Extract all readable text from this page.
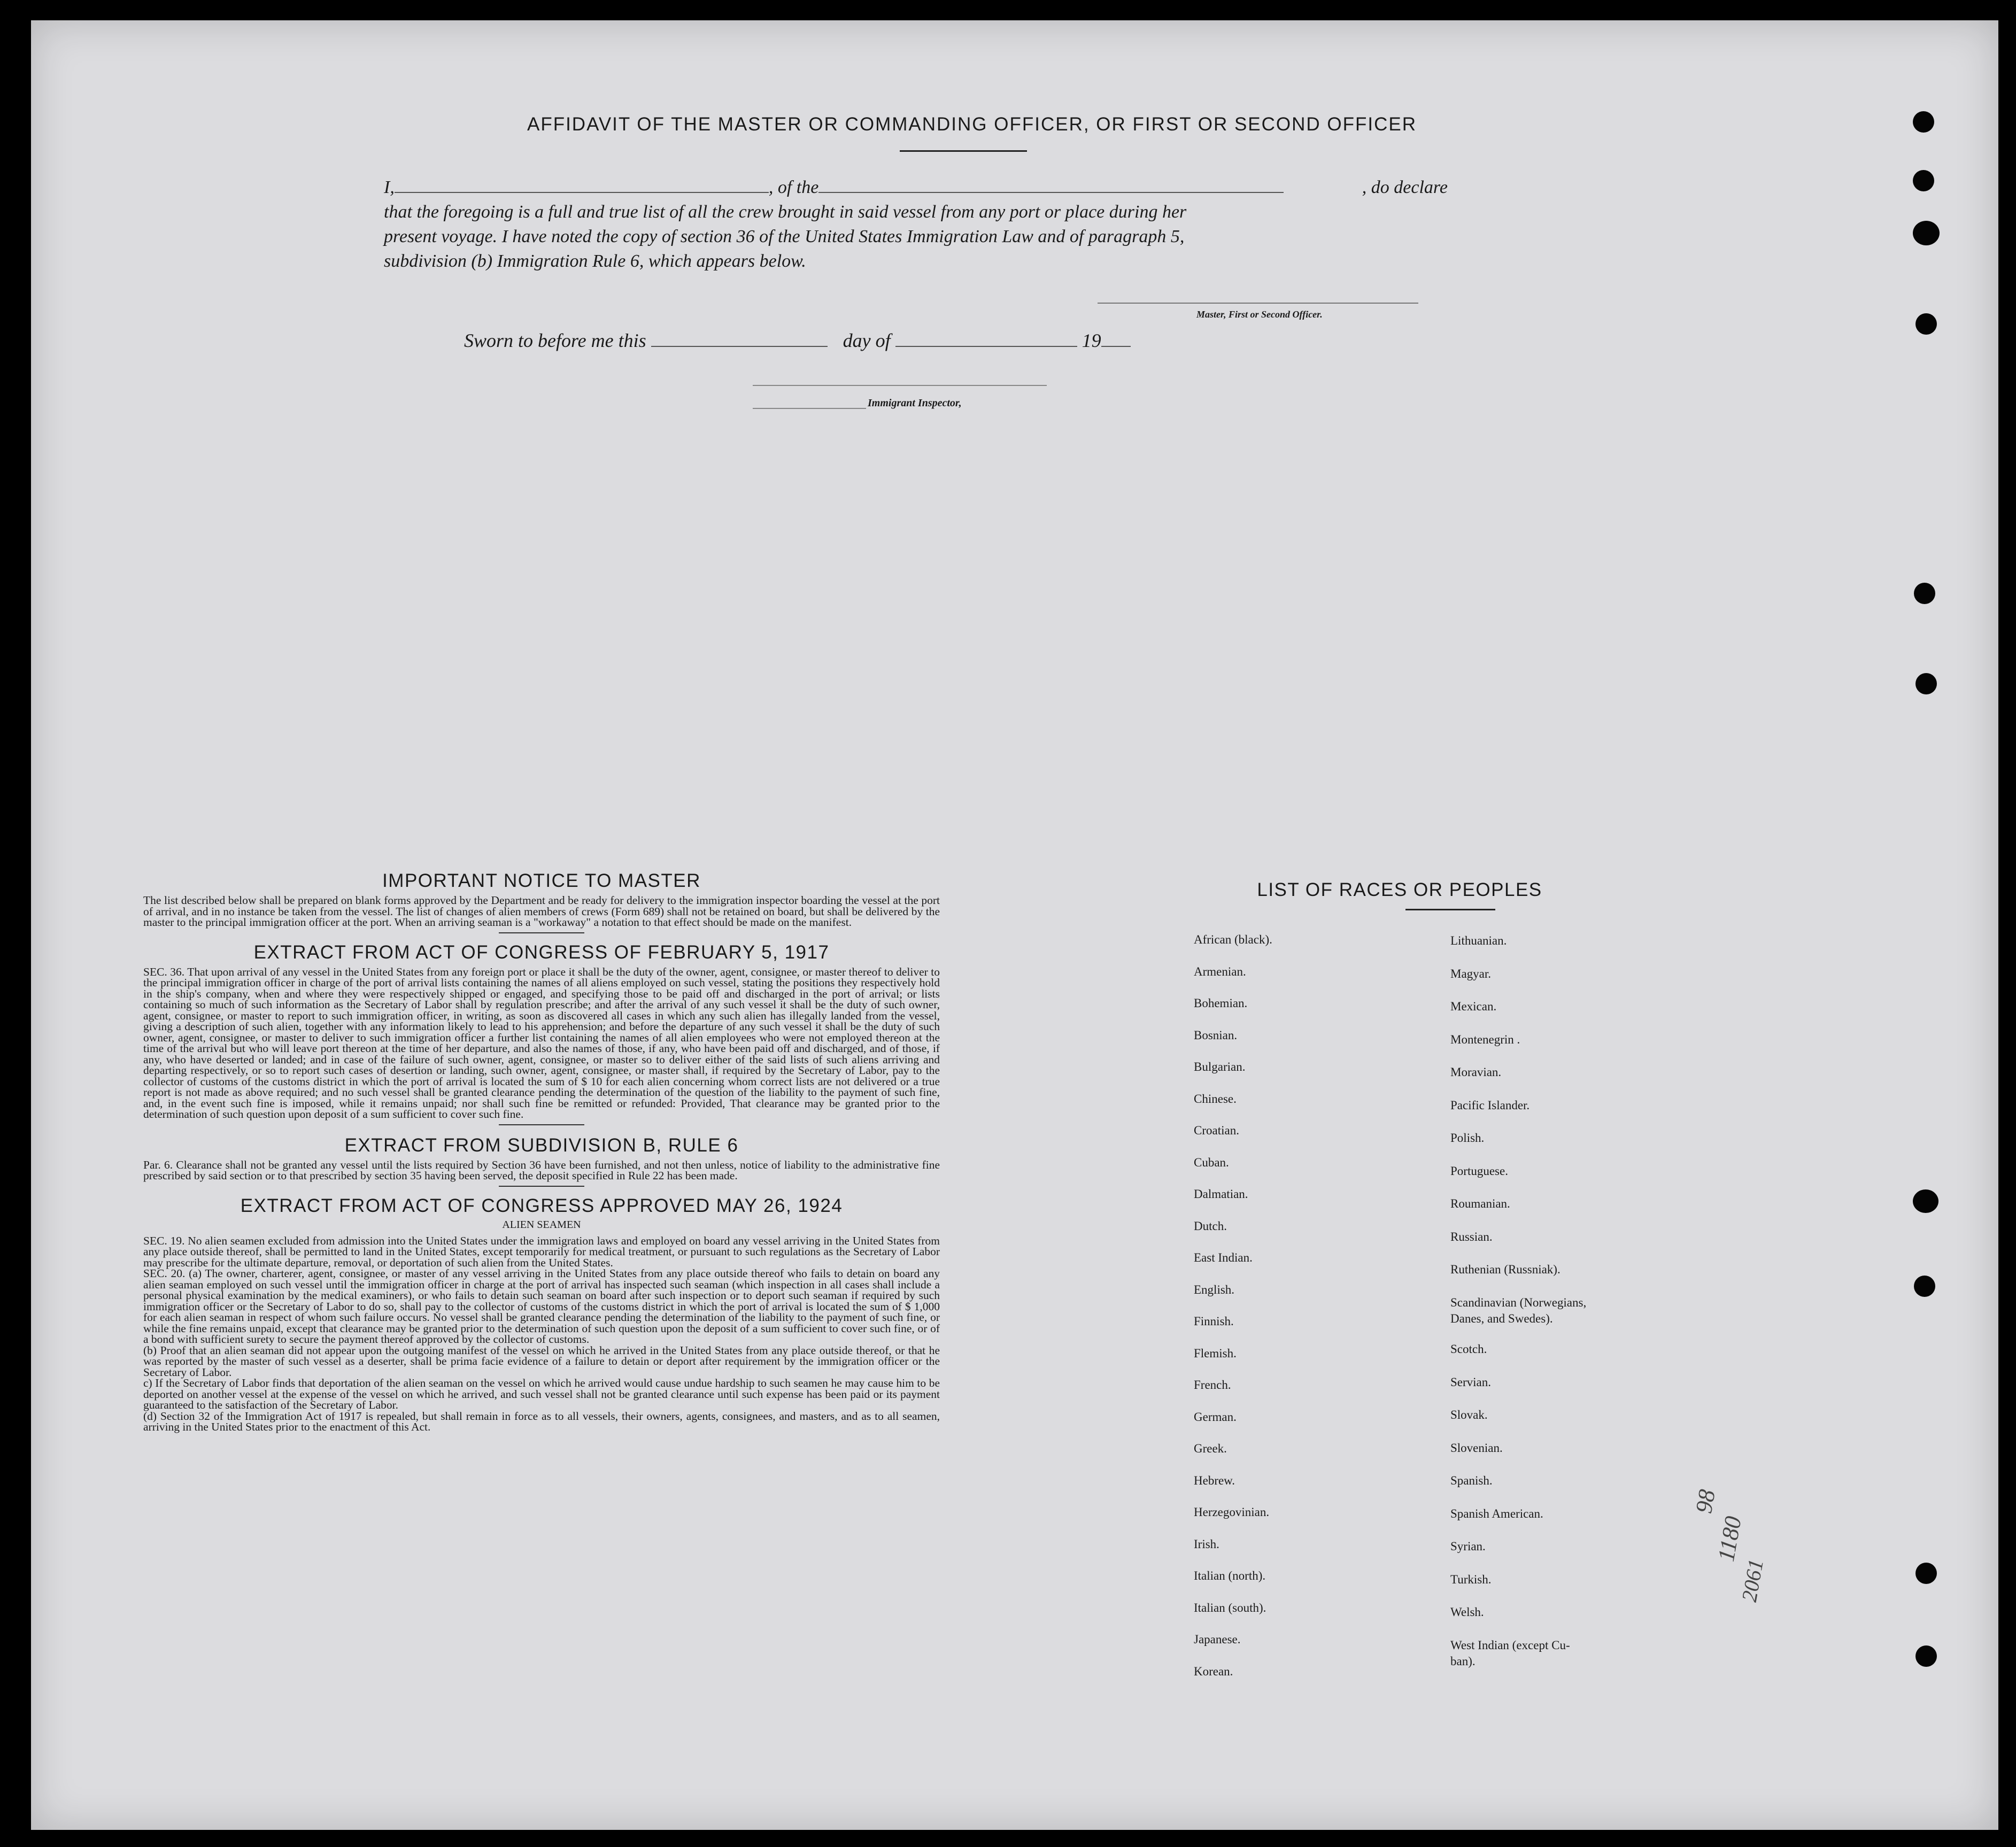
AFFIDAVIT OF THE MASTER OR COMMANDING OFFICER, OR FIRST OR SECOND OFFICER
I,	, of the	, do declare
that the foregoing is a full and true list of all the crew brought in said vessel from any port or place during her
present voyage. I have noted the copy of section 36 of the United States Immigration Law and of paragraph 5,
subdivision (b) Immigration Rule 6, which appears below.
Master, First or Second Officer.
Sworn to before me this	day of	19
Immigrant Inspector,
IMPORTANT NOTICE TO MASTER
The list described below shall be prepared on blank forms approved by the Department and be ready for delivery to the immigration inspector boarding the vessel at the port of arrival, and in no instance be taken from the vessel. The list of changes of alien members of crews (Form 689) shall not be retained on board, but shall be delivered by the master to the principal immigration officer at the port. When an arriving seaman is a "workaway" a notation to that effect should be made on the manifest.
EXTRACT FROM ACT OF CONGRESS OF FEBRUARY 5, 1917
SEC. 36. That upon arrival of any vessel in the United States from any foreign port or place it shall be the duty of the owner, agent, consignee, or master thereof to deliver to the principal immigration officer in charge of the port of arrival lists containing the names of all aliens employed on such vessel, stating the positions they respectively hold in the ship's company, when and where they were respectively shipped or engaged, and specifying those to be paid off and discharged in the port of arrival; or lists containing so much of such information as the Secretary of Labor shall by regulation prescribe; and after the arrival of any such vessel it shall be the duty of such owner, agent, consignee, or master to report to such immigration officer, in writing, as soon as discovered all cases in which any such alien has illegally landed from the vessel, giving a description of such alien, together with any information likely to lead to his apprehension; and before the departure of any such vessel it shall be the duty of such owner, agent, consignee, or master to deliver to such immigration officer a further list containing the names of all alien employees who were not employed thereon at the time of the arrival but who will leave port thereon at the time of her departure, and also the names of those, if any, who have been paid off and discharged, and of those, if any, who have deserted or landed; and in case of the failure of such owner, agent, consignee, or master so to deliver either of the said lists of such aliens arriving and departing respectively, or so to report such cases of desertion or landing, such owner, agent, consignee, or master shall, if required by the Secretary of Labor, pay to the collector of customs of the customs district in which the port of arrival is located the sum of $ 10 for each alien concerning whom correct lists are not delivered or a true report is not made as above required; and no such vessel shall be granted clearance pending the determination of the question of the liability to the payment of such fine, and, in the event such fine is imposed, while it remains unpaid; nor shall such fine be remitted or refunded: Provided, That clearance may be granted prior to the determination of such question upon deposit of a sum sufficient to cover such fine.
EXTRACT FROM SUBDIVISION B, RULE 6
Par. 6. Clearance shall not be granted any vessel until the lists required by Section 36 have been furnished, and not then unless, notice of liability to the administrative fine prescribed by said section or to that prescribed by section 35 having been served, the deposit specified in Rule 22 has been made.
EXTRACT FROM ACT OF CONGRESS APPROVED MAY 26, 1924
ALIEN SEAMEN
SEC. 19. No alien seamen excluded from admission into the United States under the immigration laws and employed on board any vessel arriving in the United States from any place outside thereof, shall be permitted to land in the United States, except temporarily for medical treatment, or pursuant to such regulations as the Secretary of Labor may prescribe for the ultimate departure, removal, or deportation of such alien from the United States.
SEC. 20. (a) The owner, charterer, agent, consignee, or master of any vessel arriving in the United States from any place outside thereof who fails to detain on board any alien seaman employed on such vessel until the immigration officer in charge at the port of arrival has inspected such seaman (which inspection in all cases shall include a personal physical examination by the medical examiners), or who fails to detain such seaman on board after such inspection or to deport such seaman if required by such immigration officer or the Secretary of Labor to do so, shall pay to the collector of customs of the customs district in which the port of arrival is located the sum of $ 1,000 for each alien seaman in respect of whom such failure occurs. No vessel shall be granted clearance pending the determination of the liability to the payment of such fine, or while the fine remains unpaid, except that clearance may be granted prior to the determination of such question upon the deposit of a sum sufficient to cover such fine, or of a bond with sufficient surety to secure the payment thereof approved by the collector of customs.
(b) Proof that an alien seaman did not appear upon the outgoing manifest of the vessel on which he arrived in the United States from any place outside thereof, or that he was reported by the master of such vessel as a deserter, shall be prima facie evidence of a failure to detain or deport after requirement by the immigration officer or the Secretary of Labor.
c) If the Secretary of Labor finds that deportation of the alien seaman on the vessel on which he arrived would cause undue hardship to such seamen he may cause him to be deported on another vessel at the expense of the vessel on which he arrived, and such vessel shall not be granted clearance until such expense has been paid or its payment guaranteed to the satisfaction of the Secretary of Labor.
(d) Section 32 of the Immigration Act of 1917 is repealed, but shall remain in force as to all vessels, their owners, agents, consignees, and masters, and as to all seamen, arriving in the United States prior to the enactment of this Act.
LIST OF RACES OR PEOPLES
98
1180
2061
African (black).
Armenian.
Bohemian.
Bosnian.
Bulgarian.
Chinese.
Croatian.
Cuban.
Dalmatian.
Dutch.
East Indian.
English.
Finnish.
Flemish.
French.
German.
Greek.
Hebrew.
Herzegovinian.
Irish.
Italian (north).
Italian (south).
Japanese.
Korean.
Lithuanian.
Magyar.
Mexican.
Montenegrin .
Moravian.
Pacific Islander.
Polish.
Portuguese.
Roumanian.
Russian.
Ruthenian (Russniak).
Scandinavian (Norwegians,
Danes, and Swedes).
Scotch.
Servian.
Slovak.
Slovenian.
Spanish.
Spanish American.
Syrian.
Turkish.
Welsh.
West Indian (except Cu-
ban).
